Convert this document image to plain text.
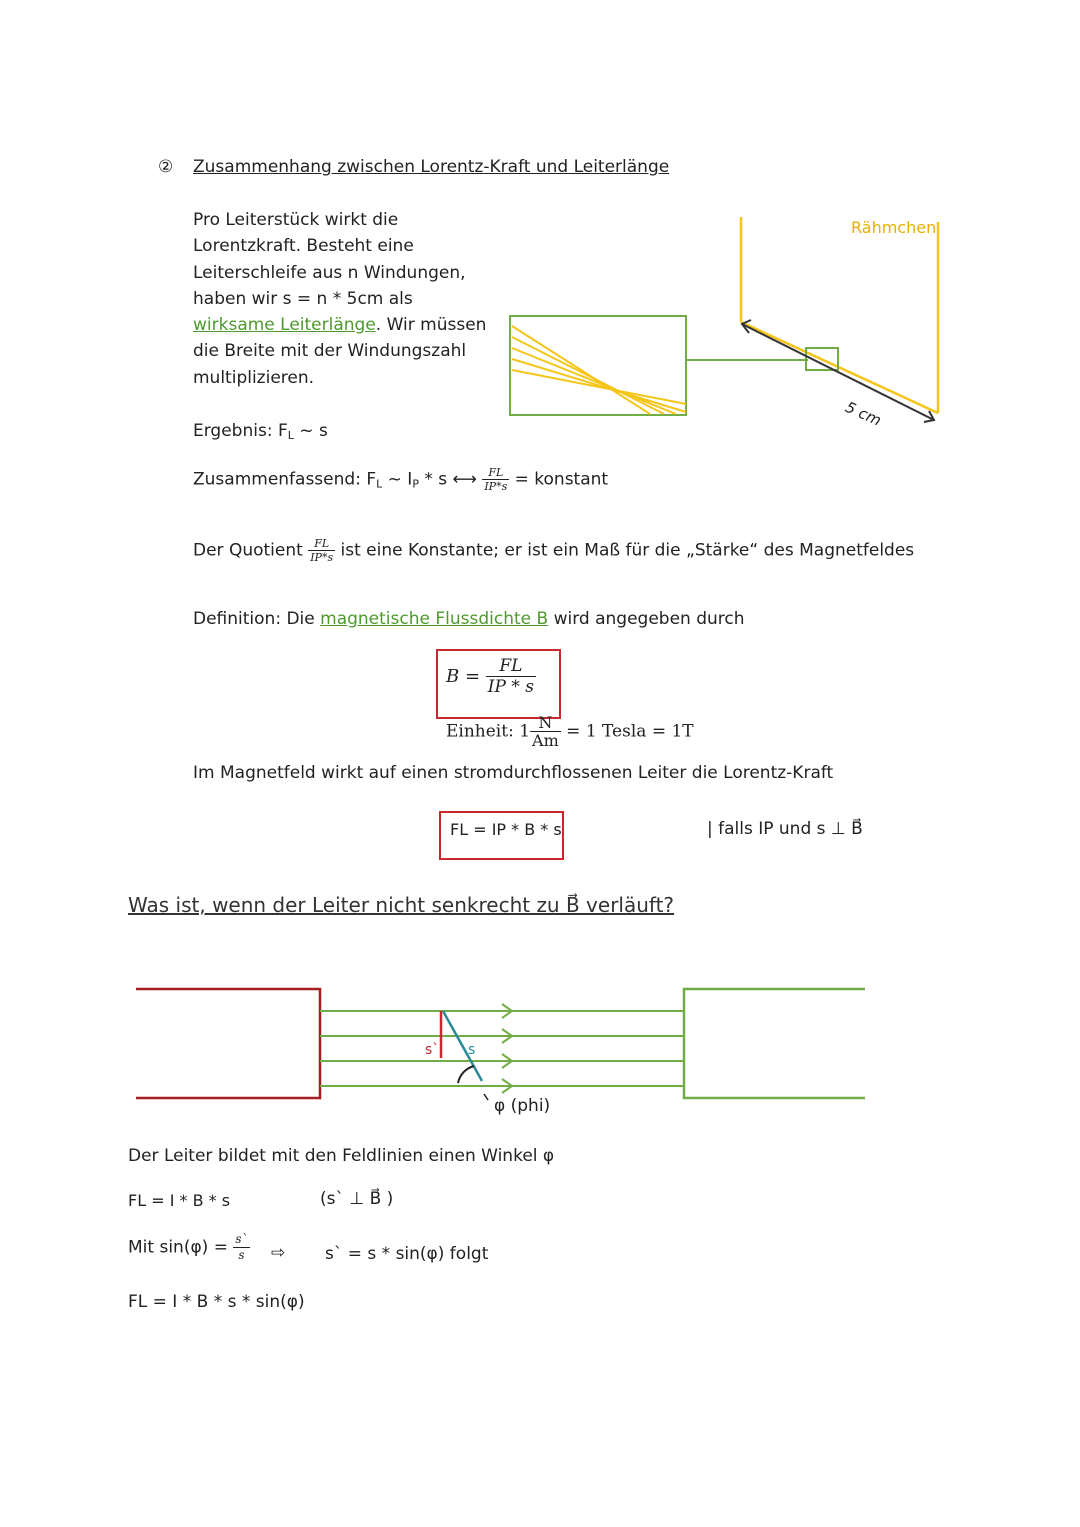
② Zusammenhang zwischen Lorentz-Kraft und Leiterlänge
Pro Leiterstück wirkt die
Lorentzkraft. Besteht eine
Leiterschleife aus n Windungen,
haben wir s = n * 5cm als
wirksame Leiterlänge. Wir müssen
die Breite mit der Windungszahl
multiplizieren.
Rähmchen
5 cm
Ergebnis: $F_L$ ~ s
Zusammenfassend: $F_L$ ~ $I_P$ * s ⟷ $\frac{FL}{IP*s}$ = konstant
Der Quotient $\frac{FL}{IP*s}$ ist eine Konstante; er ist ein Maß für die „Stärke“ des Magnetfeldes
Definition: Die magnetische Flussdichte B wird angegeben durch
$B = \frac{FL}{IP * s}$
Einheit: $1 \frac{N}{Am} = 1$ Tesla = 1T
Im Magnetfeld wirkt auf einen stromdurchflossenen Leiter die Lorentz-Kraft
FL = IP * B * s	| falls IP und s ⊥ B⃗
Was ist, wenn der Leiter nicht senkrecht zu B⃗ verläuft?
s` s
φ (phi)
Der Leiter bildet mit den Feldlinien einen Winkel φ
FL = I * B * s	(s` ⊥ B⃗ )
Mit $\sin(\varphi) = \frac{s`}{s}$ ⇨ s` = s * sin(φ) folgt
FL = I * B * s * sin(φ)
